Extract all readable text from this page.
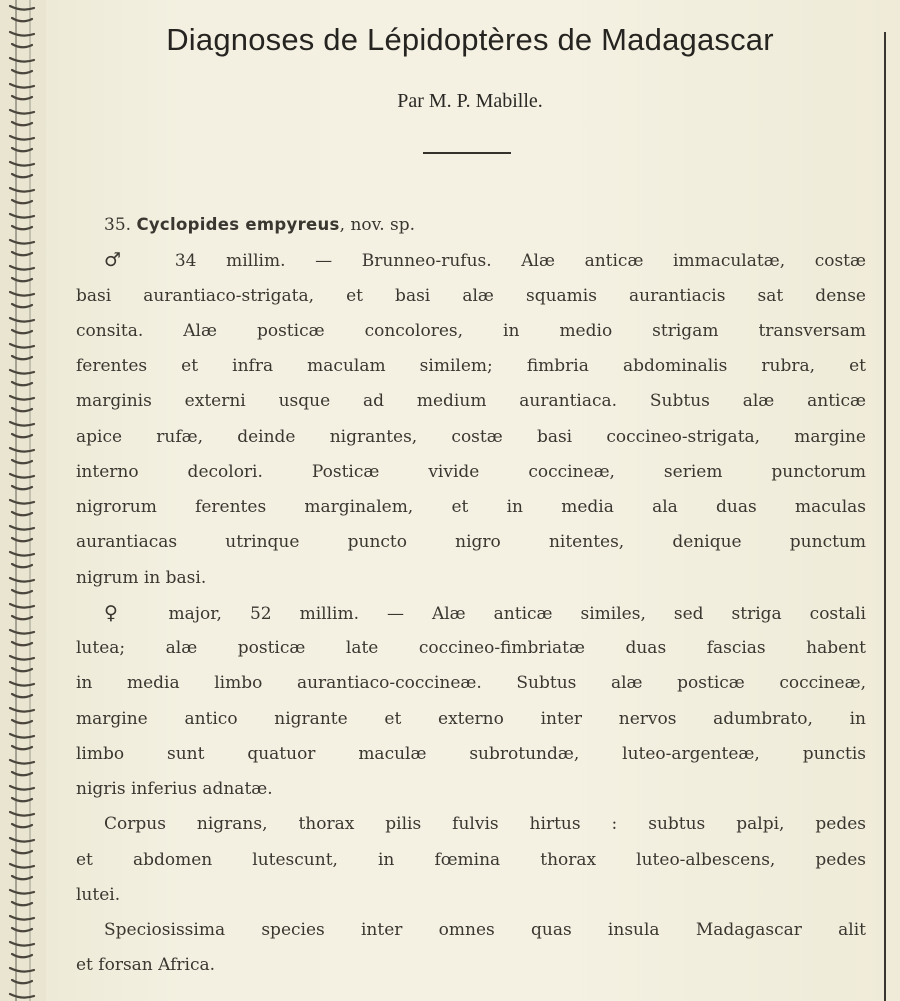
Diagnoses de Lépidoptères de Madagascar
Par M. P. Mabille.
35. Cyclopides empyreus, nov. sp.
♂ 34 millim. — Brunneo-rufus. Alæ anticæ immaculatæ, costæ
basi aurantiaco-strigata, et basi alæ squamis aurantiacis sat dense
consita. Alæ posticæ concolores, in medio strigam transversam
ferentes et infra maculam similem; fimbria abdominalis rubra, et
marginis externi usque ad medium aurantiaca. Subtus alæ anticæ
apice rufæ, deinde nigrantes, costæ basi coccineo-strigata, margine
interno decolori. Posticæ vivide coccineæ, seriem punctorum
nigrorum ferentes marginalem, et in media ala duas maculas
aurantiacas utrinque puncto nigro nitentes, denique punctum
nigrum in basi.
♀ major, 52 millim. — Alæ anticæ similes, sed striga costali
lutea; alæ posticæ late coccineo-fimbriatæ duas fascias habent
in media limbo aurantiaco-coccineæ. Subtus alæ posticæ coccineæ,
margine antico nigrante et externo inter nervos adumbrato, in
limbo sunt quatuor maculæ subrotundæ, luteo-argenteæ, punctis
nigris inferius adnatæ.
Corpus nigrans, thorax pilis fulvis hirtus : subtus palpi, pedes
et abdomen lutescunt, in fœmina thorax luteo-albescens, pedes
lutei.
Speciosissima species inter omnes quas insula Madagascar alit
et forsan Africa.
